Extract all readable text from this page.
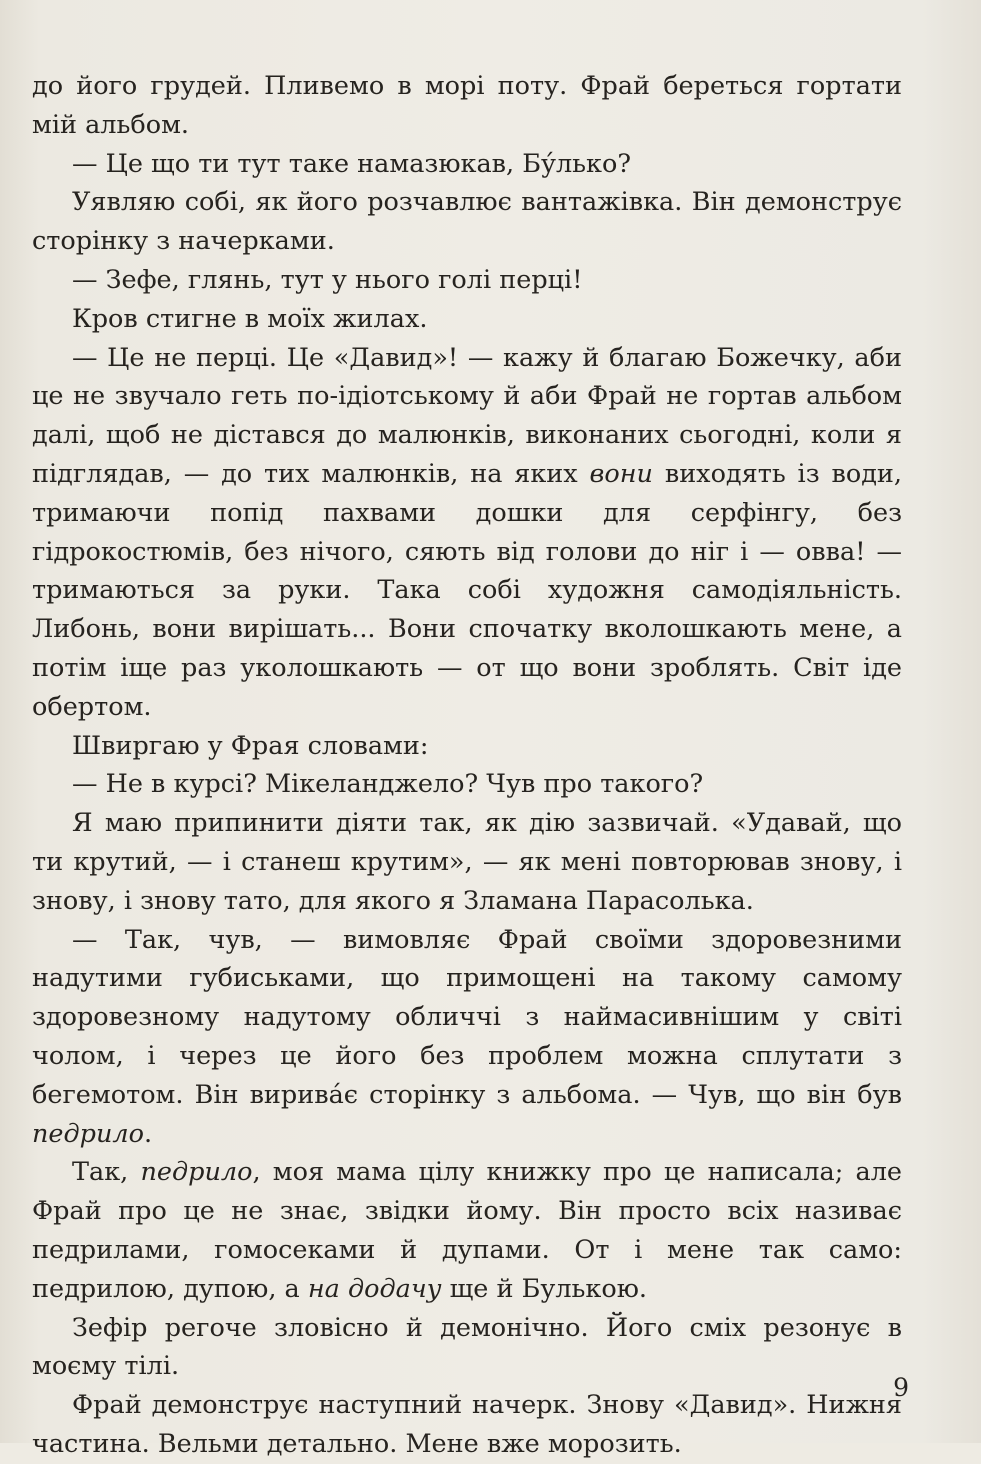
до його грудей. Пливемо в морі поту. Фрай береться гортати мій альбом.

— Це що ти тут таке намазюкав, Бу́лько?

Уявляю собі, як його розчавлює вантажівка. Він демонструє сторінку з начерками.

— Зефе, глянь, тут у нього голі перці!

Кров стигне в моїх жилах.

— Це не перці. Це «Давид»! — кажу й благаю Божечку, аби це не звучало геть по-ідіотському й аби Фрай не гортав альбом далі, щоб не дістався до малюнків, виконаних сьогодні, коли я підглядав, — до тих малюнків, на яких вони виходять із води, тримаючи попід пахвами дошки для серфінгу, без гідрокостюмів, без нічого, сяють від голови до ніг і — овва! — тримаються за руки. Така собі художня самодіяльність. Либонь, вони вирішать... Вони спочатку вколошкають мене, а потім іще раз уколошкають — от що вони зроблять. Світ іде обертом.

Швиргаю у Фрая словами:

— Не в курсі? Мікеланджело? Чув про такого?

Я маю припинити діяти так, як дію зазвичай. «Удавай, що ти крутий, — і станеш крутим», — як мені повторював знову, і знову, і знову тато, для якого я Зламана Парасолька.

— Так, чув, — вимовляє Фрай своїми здоровезними надутими губиськами, що примощені на такому самому здоровезному надутому обличчі з наймасивнішим у світі чолом, і через це його без проблем можна сплутати з бегемотом. Він виривáє сторінку з альбома. — Чув, що він був педрило.

Так, педрило, моя мама цілу книжку про це написала; але Фрай про це не знає, звідки йому. Він просто всіх називає педрилами, гомосеками й дупами. От і мене так само: педрилою, дупою, а на додачу ще й Булькою.

Зефір регоче зловісно й демонічно. Його сміх резонує в моєму тілі.

Фрай демонструє наступний начерк. Знову «Давид». Нижня частина. Вельми детально. Мене вже морозить.

9
